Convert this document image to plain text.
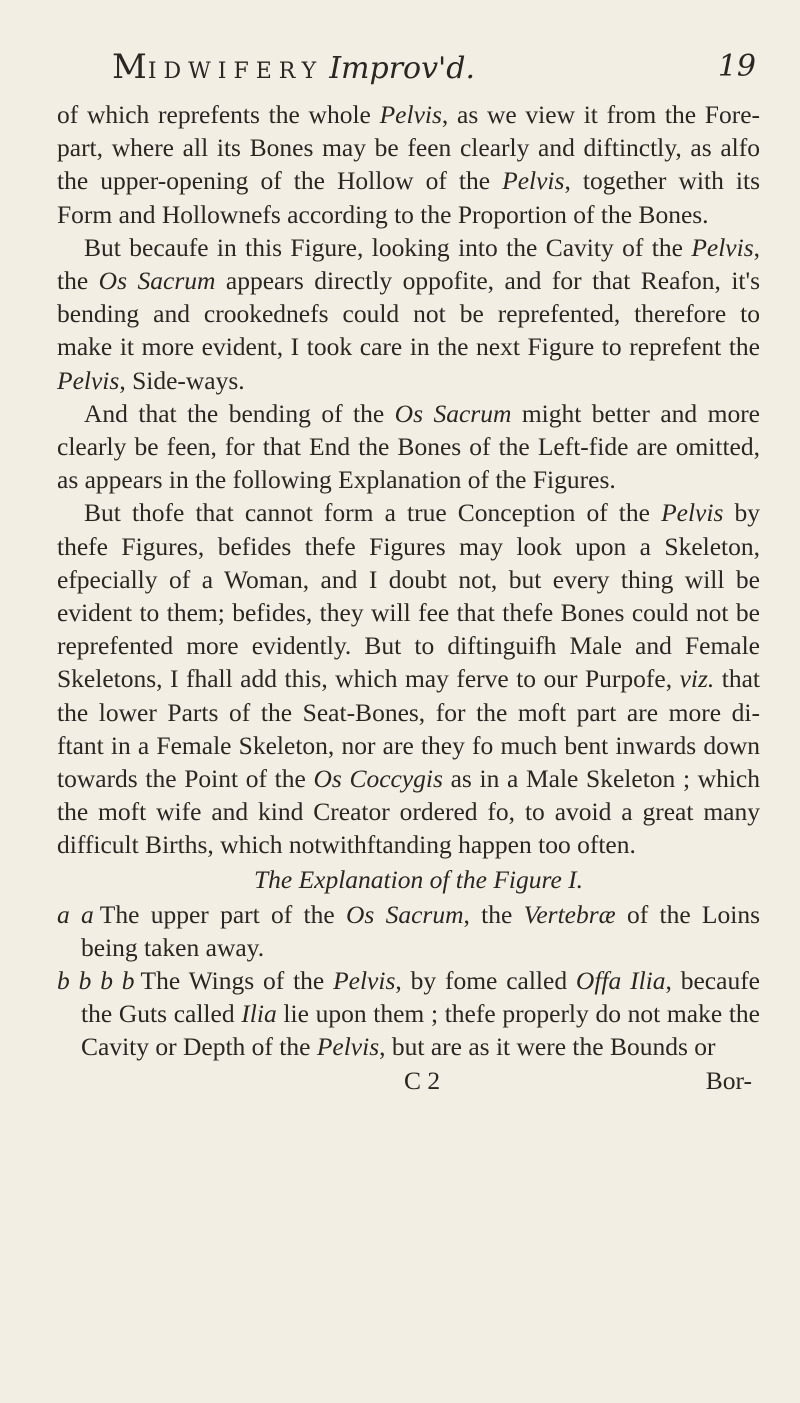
MIDWIFERY Improv'd.	19

of which reprefents the whole Pelvis, as we view it from the Fore-part, where all its Bones may be feen clearly and diftinctly, as alfo the upper-opening of the Hollow of the Pelvis, together with its Form and Hollownefs according to the Proportion of the Bones.

But becaufe in this Figure, looking into the Cavity of the Pelvis, the Os Sacrum appears directly oppofite, and for that Reafon, it's bending and crookednefs could not be reprefented, therefore to make it more evident, I took care in the next Figure to reprefent the Pelvis, Side-ways.

And that the bending of the Os Sacrum might better and more clearly be feen, for that End the Bones of the Left-fide are omitted, as appears in the following Explanation of the Figures.

But thofe that cannot form a true Conception of the Pelvis by thefe Figures, befides thefe Figures may look upon a Skeleton, efpecially of a Woman, and I doubt not, but every thing will be evident to them; befides, they will fee that thefe Bones could not be reprefented more evidently. But to diftinguifh Male and Female Skeletons, I fhall add this, which may ferve to our Purpofe, viz. that the lower Parts of the Seat-Bones, for the moft part are more di- ftant in a Female Skeleton, nor are they fo much bent inwards down towards the Point of the Os Coccygis as in a Male Skeleton ; which the moft wife and kind Creator ordered fo, to avoid a great many difficult Births, which notwithftanding happen too often.

The Explanation of the Figure I.

a a The upper part of the Os Sacrum, the Vertebræ of the Loins being taken away.

b b b b The Wings of the Pelvis, by fome called Offa Ilia, becaufe the Guts called Ilia lie upon them ; thefe properly do not make the Cavity or Depth of the Pelvis, but are as it were the Bounds or

C 2	Bor-
